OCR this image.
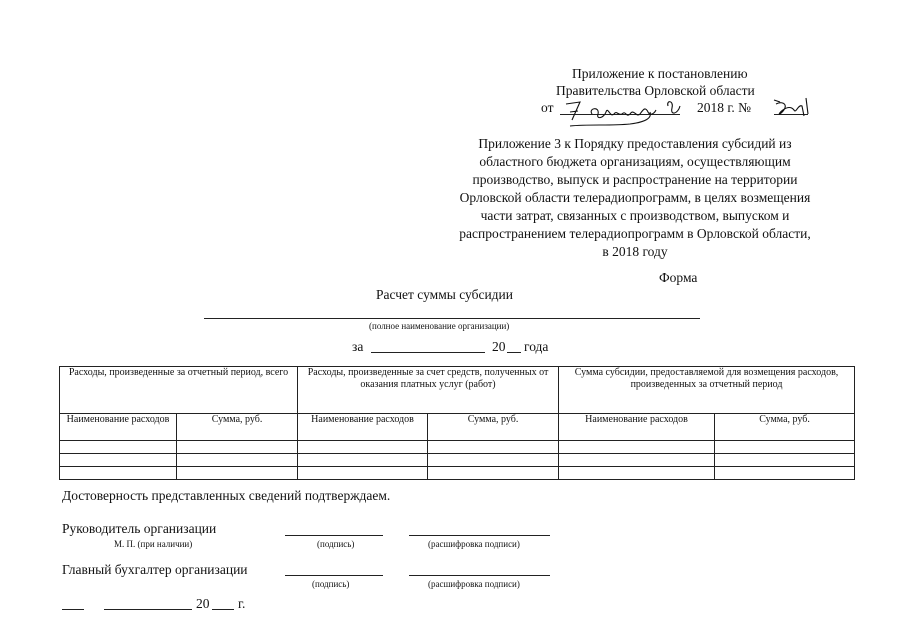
Приложение к постановлению
Правительства Орловской области
от	2018 г. №
Приложение 3 к Порядку предоставления субсидий из
областного бюджета организациям, осуществляющим
производство, выпуск и распространение на территории
Орловской области телерадиопрограмм, в целях возмещения
части затрат, связанных с производством, выпуском и
распространением телерадиопрограмм в Орловской области,
в 2018 году
Форма
Расчет суммы субсидии
(полное наименование организации)
за	20 года
Расходы, произведенные за отчетный период, всего		Расходы, произведенные за счет средств, полученных от оказания платных услуг (работ)		Сумма субсидии, предоставляемой для возмещения расходов, произведенных за отчетный период	
Наименование расходов	Сумма, руб.	Наименование расходов	Сумма, руб.	Наименование расходов	Сумма, руб.

Достоверность представленных сведений подтверждаем.
Руководитель организации
М. П. (при наличии)	(подпись)	(расшифровка подписи)
Главный бухгалтер организации
(подпись)	(расшифровка подписи)
20 г.
